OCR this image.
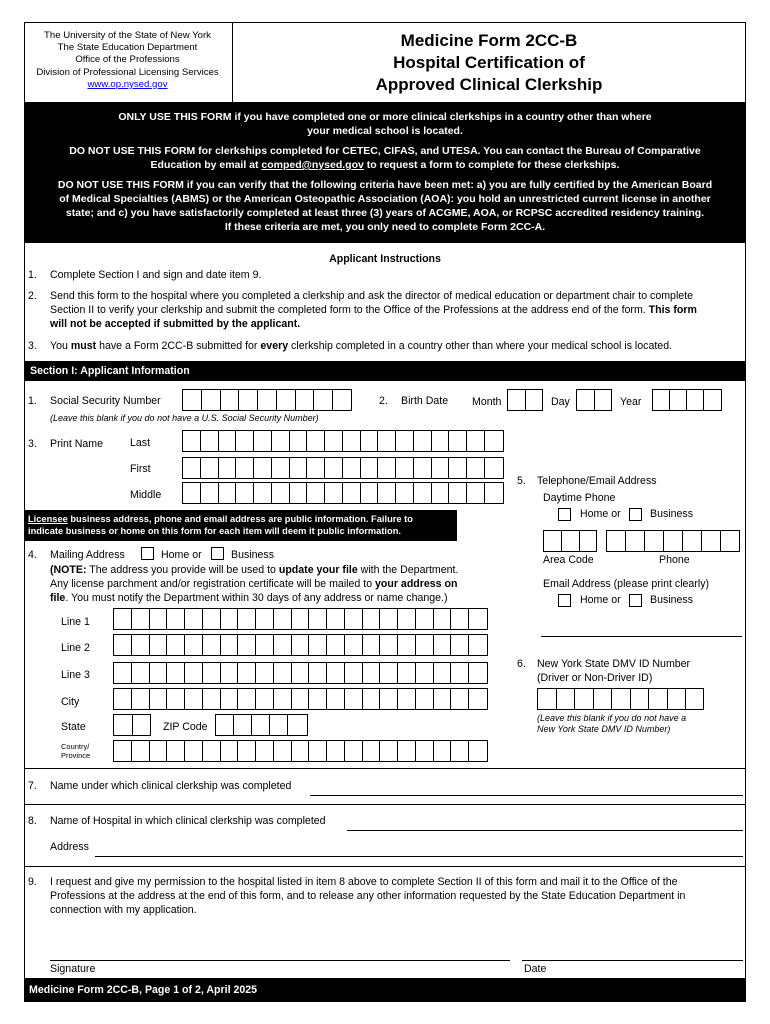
The University of the State of New York
The State Education Department
Office of the Professions
Division of Professional Licensing Services
www.op.nysed.gov
Medicine Form 2CC-B
Hospital Certification of
Approved Clinical Clerkship

ONLY USE THIS FORM if you have completed one or more clinical clerkships in a country other than where
your medical school is located.

DO NOT USE THIS FORM for clerkships completed for CETEC, CIFAS, and UTESA. You can contact the Bureau of Comparative
Education by email at comped@nysed.gov to request a form to complete for these clerkships.

DO NOT USE THIS FORM if you can verify that the following criteria have been met: a) you are fully certified by the American Board
of Medical Specialties (ABMS) or the American Osteopathic Association (AOA): you hold an unrestricted current license in another
state; and c) you have satisfactorily completed at least three (3) years of ACGME, AOA, or RCPSC accredited residency training.
If these criteria are met, you only need to complete Form 2CC-A.

Applicant Instructions
1. Complete Section I and sign and date item 9.
2. Send this form to the hospital where you completed a clerkship and ask the director of medical education or department chair to complete
Section II to verify your clerkship and submit the completed form to the Office of the Professions at the address end of the form. This form
will not be accepted if submitted by the applicant.
3. You must have a Form 2CC-B submitted for every clerkship completed in a country other than where your medical school is located.
Section I: Applicant Information
1. Social Security Number
(Leave this blank if you do not have a U.S. Social Security Number)
2. Birth Date Month	Day	Year
3. Print Name	Last
First
Middle
Licensee business address, phone and email address are public information. Failure to
indicate business or home on this form for each item will deem it public information.
4. Mailing Address	Home or	Business
(NOTE: The address you provide will be used to update your file with the Department.
Any license parchment and/or registration certificate will be mailed to your address on
file. You must notify the Department within 30 days of any address or name change.)
Line 1
Line 2
Line 3
City
State	ZIP Code
Country/
Province
5. Telephone/Email Address
Daytime Phone
Home or	Business
Area Code	Phone
Email Address (please print clearly)
Home or	Business
6. New York State DMV ID Number
(Driver or Non-Driver ID)
(Leave this blank if you do not have a
New York State DMV ID Number)
7. Name under which clinical clerkship was completed
8. Name of Hospital in which clinical clerkship was completed
Address
9. I request and give my permission to the hospital listed in item 8 above to complete Section II of this form and mail it to the Office of the
Professions at the address at the end of this form, and to release any other information requested by the State Education Department in
connection with my application.
Signature	Date
Medicine Form 2CC-B, Page 1 of 2, April 2025
